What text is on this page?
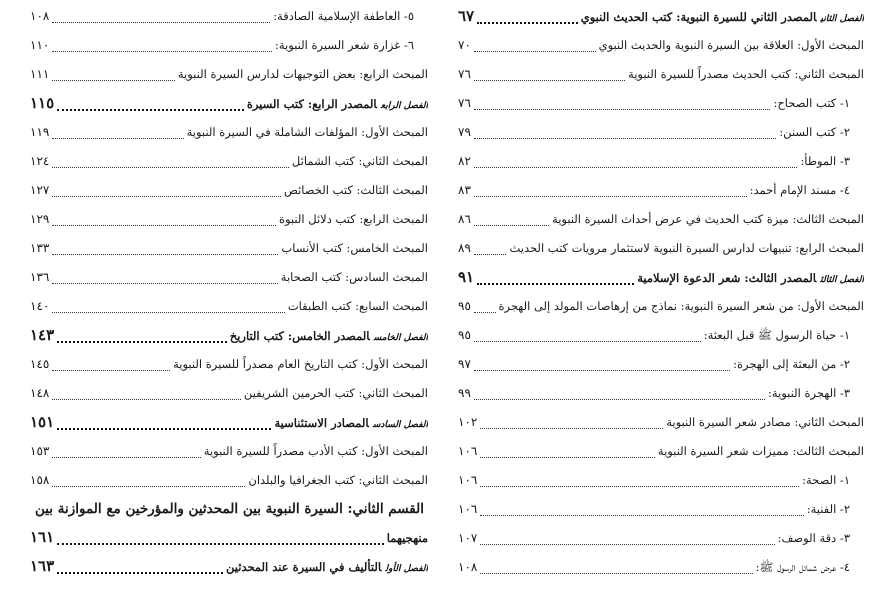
الفصل الثانيالمصدر الثاني للسيرة النبوية: كتب الحديث النبوي
٦٧
المبحث الأول: العلاقة بين السيرة النبوية والحديث النبوي
٧٠
المبحث الثاني: كتب الحديث مصدراً للسيرة النبوية
٧٦
١- كتب الصحاح:
٧٦
٢- كتب السنن:
٧٩
٣- الموطأ:
٨٢
٤- مسند الإمام أحمد:
٨٣
المبحث الثالث: ميزة كتب الحديث في عرض أحداث السيرة النبوية
٨٦
المبحث الرابع: تنبيهات لدارس السيرة النبوية لاستثمار مرويات كتب الحديث
٨٩
الفصل الثالثالمصدر الثالث: شعر الدعوة الإسلامية
٩١
المبحث الأول: من شعر السيرة النبوية: نماذج من إرهاصات المولد إلى الهجرة
٩٥
١- حياة الرسول ﷺ قبل البعثة:
٩٥
٢- من البعثة إلى الهجرة:
٩٧
٣- الهجرة النبوية:
٩٩
المبحث الثاني: مصادر شعر السيرة النبوية
١٠٢
المبحث الثالث: مميزات شعر السيرة النبوية
١٠٦
١- الصحة:
١٠٦
٢- الفنية:
١٠٦
٣- دقة الوصف:
١٠٧
٤- عرض شمائل الرسول ﷺ:
١٠٨
٥- العاطفة الإسلامية الصادقة:
١٠٨
٦- غزارة شعر السيرة النبوية:
١١٠
المبحث الرابع: بعض التوجيهات لدارس السيرة النبوية
١١١
الفصل الرابعالمصدر الرابع: كتب السيرة
١١٥
المبحث الأول: المؤلفات الشاملة في السيرة النبوية
١١٩
المبحث الثاني: كتب الشمائل
١٢٤
المبحث الثالث: كتب الخصائص
١٢٧
المبحث الرابع: كتب دلائل النبوة
١٢٩
المبحث الخامس: كتب الأنساب
١٣٣
المبحث السادس: كتب الصحابة
١٣٦
المبحث السابع: كتب الطبقات
١٤٠
الفصل الخامسالمصدر الخامس: كتب التاريخ
١٤٣
المبحث الأول: كتب التاريخ العام مصدراً للسيرة النبوية
١٤٥
المبحث الثاني: كتب الحرمين الشريفين
١٤٨
الفصل السادسالمصادر الاستئناسية
١٥١
المبحث الأول: كتب الأدب مصدراً للسيرة النبوية
١٥٣
المبحث الثاني: كتب الجغرافيا والبلدان
١٥٨
القسم الثاني: السيرة النبوية بين المحدثين والمؤرخين مع الموازنة بين
منهجيهما
١٦١
الفصل الأولالتأليف في السيرة عند المحدثين
١٦٣
